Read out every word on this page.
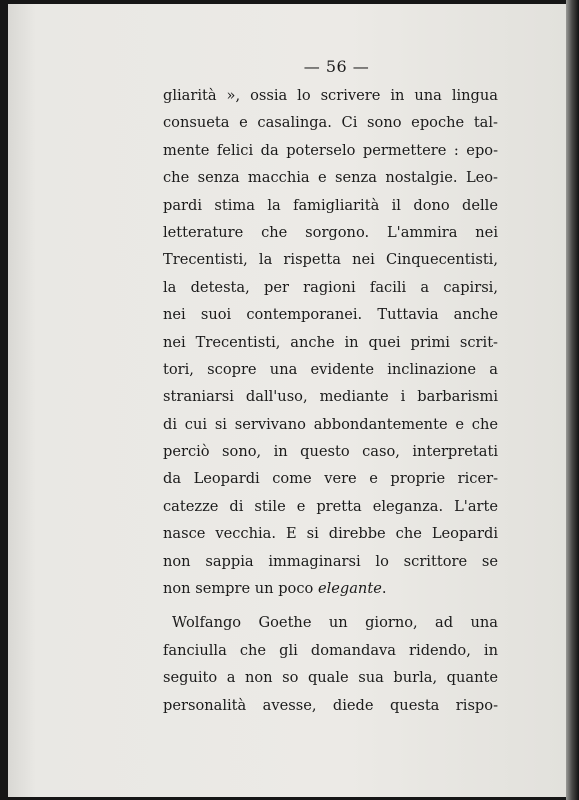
— 56 —
gliarità », ossia lo scrivere in una lingua
consueta e casalinga. Ci sono epoche tal-
mente felici da poterselo permettere : epo-
che senza macchia e senza nostalgie. Leo-
pardi stima la famigliarità il dono delle
letterature che sorgono. L'ammira nei
Trecentisti, la rispetta nei Cinquecentisti,
la detesta, per ragioni facili a capirsi,
nei suoi contemporanei. Tuttavia anche
nei Trecentisti, anche in quei primi scrit-
tori, scopre una evidente inclinazione a
straniarsi dall'uso, mediante i barbarismi
di cui si servivano abbondantemente e che
perciò sono, in questo caso, interpretati
da Leopardi come vere e proprie ricer-
catezze di stile e pretta eleganza. L'arte
nasce vecchia. E si direbbe che Leopardi
non sappia immaginarsi lo scrittore se
non sempre un poco elegante.
Wolfango Goethe un giorno, ad una
fanciulla che gli domandava ridendo, in
seguito a non so quale sua burla, quante
personalità avesse, diede questa rispo-
